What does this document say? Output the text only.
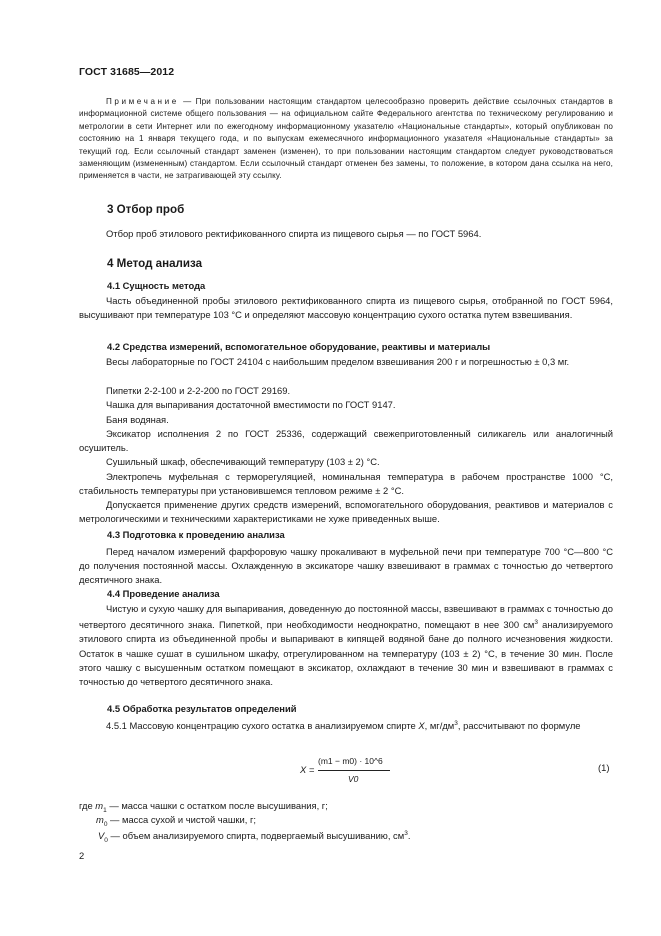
ГОСТ 31685—2012
Примечание — При пользовании настоящим стандартом целесообразно проверить действие ссылочных стандартов в информационной системе общего пользования — на официальном сайте Федерального агентства по техническому регулированию и метрологии в сети Интернет или по ежегодному информационному указателю «Национальные стандарты», который опубликован по состоянию на 1 января текущего года, и по выпускам ежемесячного информационного указателя «Национальные стандарты» за текущий год. Если ссылочный стандарт заменен (изменен), то при пользовании настоящим стандартом следует руководствоваться заменяющим (измененным) стандартом. Если ссылочный стандарт отменен без замены, то положение, в котором дана ссылка на него, применяется в части, не затрагивающей эту ссылку.
3 Отбор проб
Отбор проб этилового ректификованного спирта из пищевого сырья — по ГОСТ 5964.
4 Метод анализа
4.1 Сущность метода
Часть объединенной пробы этилового ректификованного спирта из пищевого сырья, отобранной по ГОСТ 5964, высушивают при температуре 103 °С и определяют массовую концентрацию сухого остатка путем взвешивания.
4.2 Средства измерений, вспомогательное оборудование, реактивы и материалы
Весы лабораторные по ГОСТ 24104 с наибольшим пределом взвешивания 200 г и погрешностью ± 0,3 мг.
Пипетки 2-2-100 и 2-2-200 по ГОСТ 29169.
Чашка для выпаривания достаточной вместимости по ГОСТ 9147.
Баня водяная.
Эксикатор исполнения 2 по ГОСТ 25336, содержащий свежеприготовленный силикагель или аналогичный осушитель.
Сушильный шкаф, обеспечивающий температуру (103 ± 2) °С.
Электропечь муфельная с терморегуляцией, номинальная температура в рабочем пространстве 1000 °С, стабильность температуры при установившемся тепловом режиме ± 2 °С.
Допускается применение других средств измерений, вспомогательного оборудования, реактивов и материалов с метрологическими и техническими характеристиками не хуже приведенных выше.
4.3 Подготовка к проведению анализа
Перед началом измерений фарфоровую чашку прокаливают в муфельной печи при температуре 700 °С—800 °С до получения постоянной массы. Охлажденную в эксикаторе чашку взвешивают в граммах с точностью до четвертого десятичного знака.
4.4 Проведение анализа
Чистую и сухую чашку для выпаривания, доведенную до постоянной массы, взвешивают в граммах с точностью до четвертого десятичного знака. Пипеткой, при необходимости неоднократно, помещают в нее 300 $см^3$ анализируемого этилового спирта из объединенной пробы и выпаривают в кипящей водяной бане до полного исчезновения жидкости. Остаток в чашке сушат в сушильном шкафу, отрегулированном на температуру (103 ± 2) °С, в течение 30 мин. После этого чашку с высушенным остатком помещают в эксикатор, охлаждают в течение 30 мин и взвешивают в граммах с точностью до четвертого десятичного знака.
4.5 Обработка результатов определений
4.5.1 Массовую концентрацию сухого остатка в анализируемом спирте X, $мг/дм^3$, рассчитывают по формуле
X =
(m1 − m0) · 10^6
V0
(1)
где $m_1$ — масса чашки с остатком после высушивания, г;
$m_0$ — масса сухой и чистой чашки, г;
$V_0$ — объем анализируемого спирта, подвергаемый высушиванию, $см^3$.
2
